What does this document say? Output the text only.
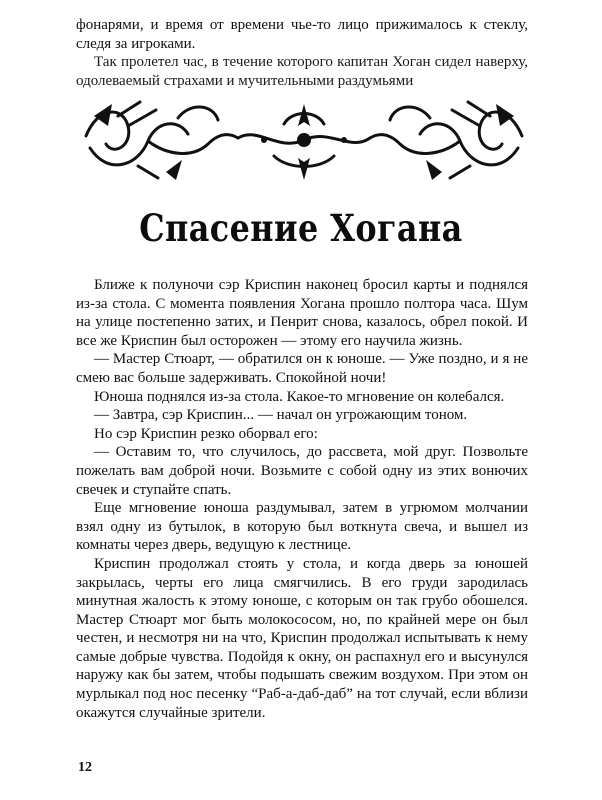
фонарями, и время от времени чье-то лицо прижималось к стеклу, следя за игроками.

Так пролетел час, в течение которого капитан Хоган сидел наверху, одолеваемый страхами и мучительными раздумьями

Спасение Хогана

Ближе к полуночи сэр Криспин наконец бросил карты и поднялся из-за стола. С момента появления Хогана прошло полтора часа. Шум на улице постепенно затих, и Пенрит снова, казалось, обрел покой. И все же Криспин был осторожен — этому его научила жизнь.

— Мастер Стюарт, — обратился он к юноше. — Уже поздно, и я не смею вас больше задерживать. Спокойной ночи!

Юноша поднялся из-за стола. Какое-то мгновение он колебался.

— Завтра, сэр Криспин... — начал он угрожающим тоном.

Но сэр Криспин резко оборвал его:

— Оставим то, что случилось, до рассвета, мой друг. Позвольте пожелать вам доброй ночи. Возьмите с собой одну из этих вонючих свечек и ступайте спать.

Еще мгновение юноша раздумывал, затем в угрюмом молчании взял одну из бутылок, в которую был воткнута свеча, и вышел из комнаты через дверь, ведущую к лестнице.

Криспин продолжал стоять у стола, и когда дверь за юношей закрылась, черты его лица смягчились. В его груди зародилась минутная жалость к этому юноше, с которым он так грубо обошелся. Мастер Стюарт мог быть молокососом, но, по крайней мере он был честен, и несмотря ни на что, Криспин продолжал испытывать к нему самые добрые чувства. Подойдя к окну, он распахнул его и высунулся наружу как бы затем, чтобы подышать свежим воздухом. При этом он мурлыкал под нос песенку “Раб-а-даб-даб” на тот случай, если вблизи окажутся случайные зрители.

12
